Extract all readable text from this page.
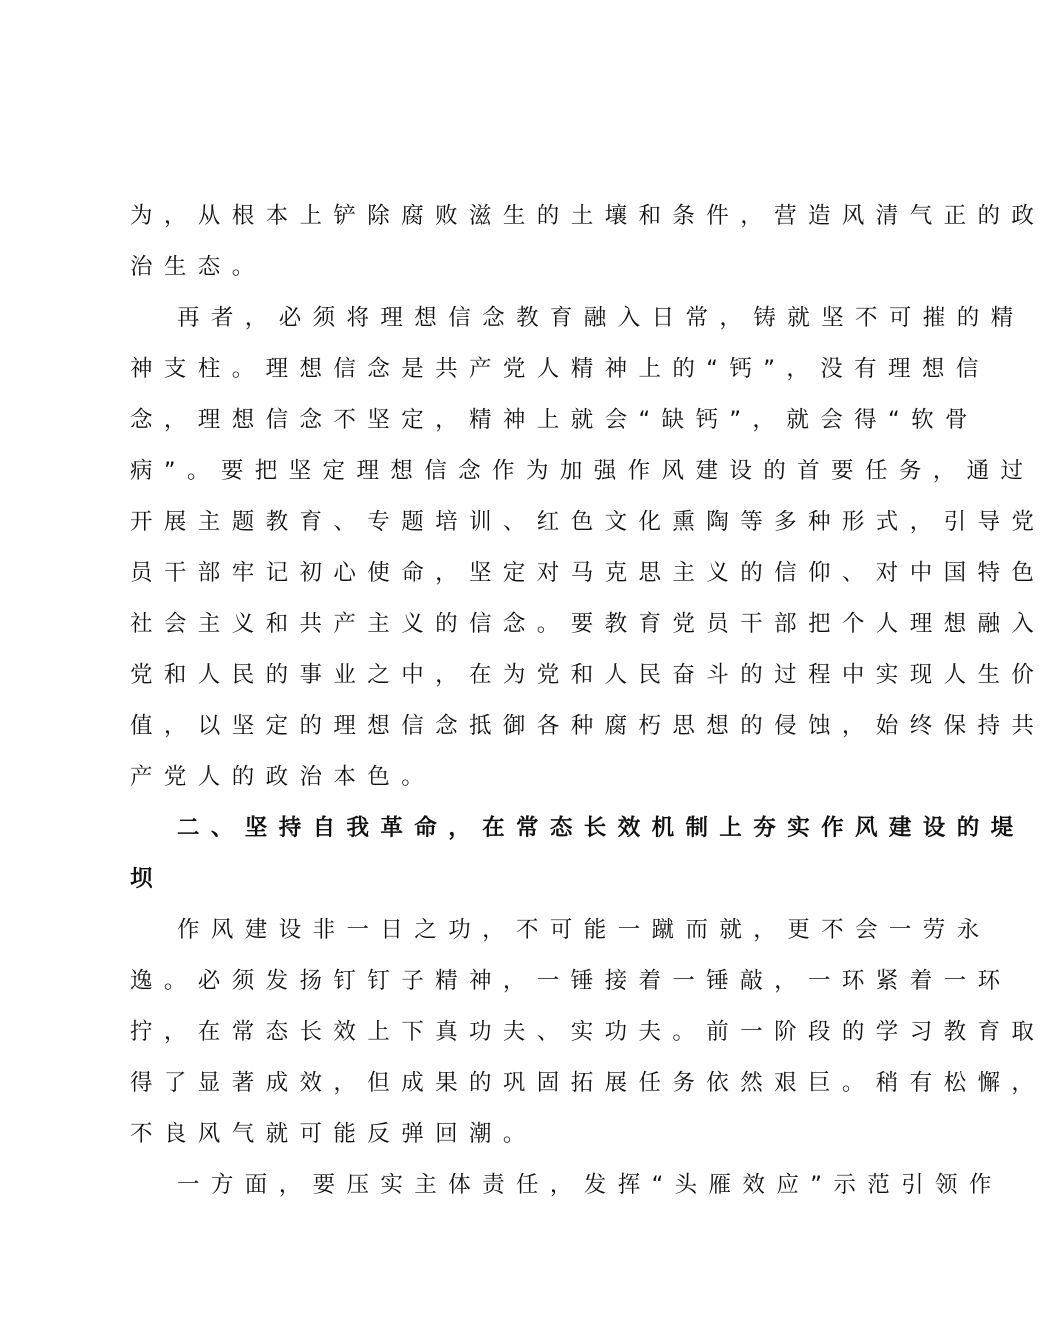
为，从根本上铲除腐败滋生的土壤和条件，营造风清气正的政
治生态。
再者，必须将理想信念教育融入日常，铸就坚不可摧的精
神支柱。理想信念是共产党人精神上的“钙”，没有理想信
念，理想信念不坚定，精神上就会“缺钙”，就会得“软骨
病”。要把坚定理想信念作为加强作风建设的首要任务，通过
开展主题教育、专题培训、红色文化熏陶等多种形式，引导党
员干部牢记初心使命，坚定对马克思主义的信仰、对中国特色
社会主义和共产主义的信念。要教育党员干部把个人理想融入
党和人民的事业之中，在为党和人民奋斗的过程中实现人生价
值，以坚定的理想信念抵御各种腐朽思想的侵蚀，始终保持共
产党人的政治本色。
二、坚持自我革命，在常态长效机制上夯实作风建设的堤
坝
作风建设非一日之功，不可能一蹴而就，更不会一劳永
逸。必须发扬钉钉子精神，一锤接着一锤敲，一环紧着一环
拧，在常态长效上下真功夫、实功夫。前一阶段的学习教育取
得了显著成效，但成果的巩固拓展任务依然艰巨。稍有松懈，
不良风气就可能反弹回潮。
一方面，要压实主体责任，发挥“头雁效应”示范引领作
